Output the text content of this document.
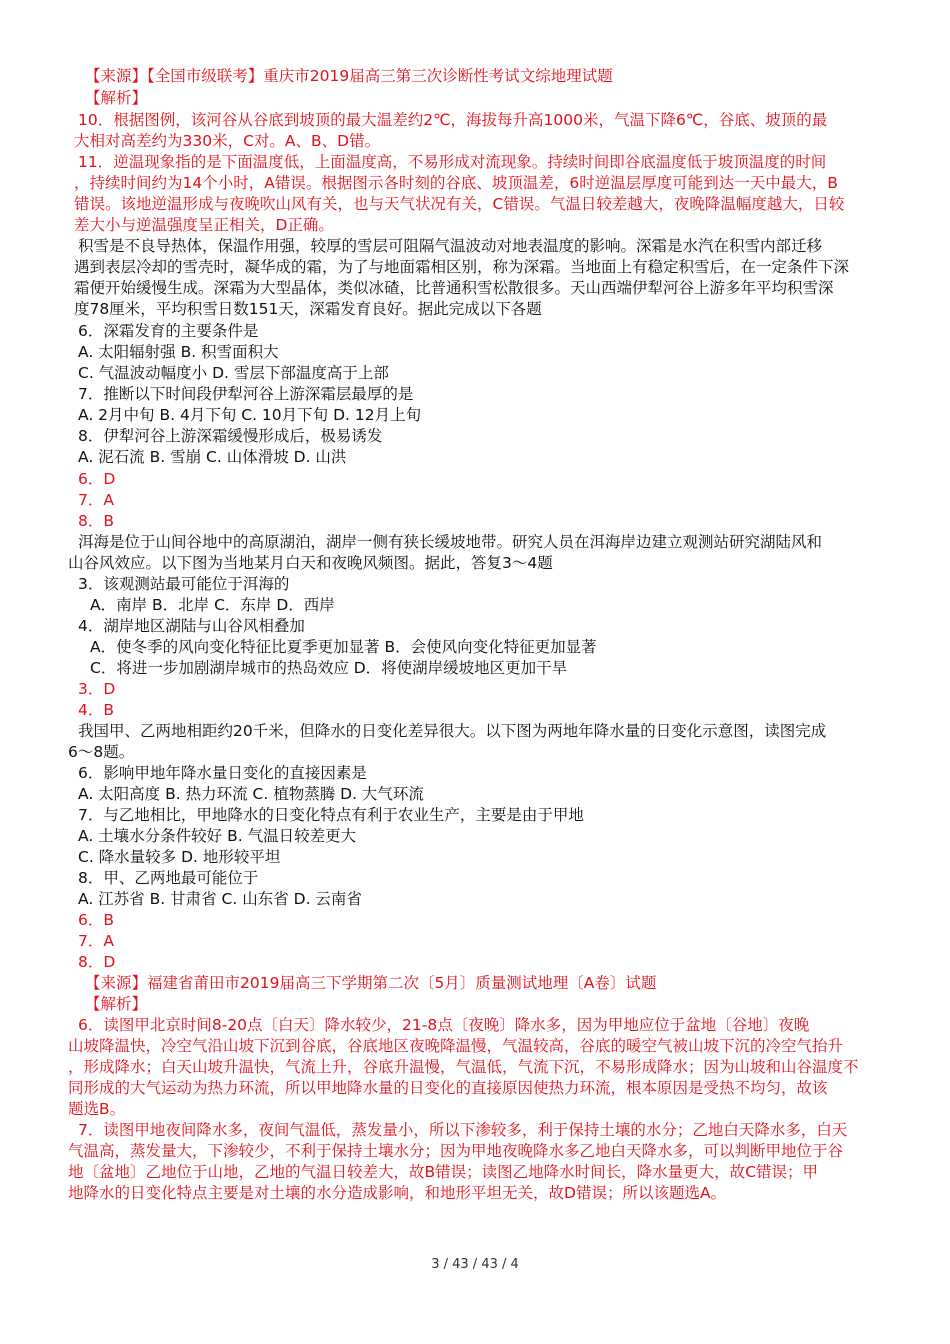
【来源】【全国市级联考】重庆市2019届高三第三次诊断性考试文综地理试题
【解析】
10．根据图例，该河谷从谷底到坡顶的最大温差约2℃，海拔每升高1000米，气温下降6℃，谷底、坡顶的最
大相对高差约为330米，C对。A、B、D错。
11．逆温现象指的是下面温度低，上面温度高，不易形成对流现象。持续时间即谷底温度低于坡顶温度的时间
，持续时间约为14个小时，A错误。根据图示各时刻的谷底、坡顶温差，6时逆温层厚度可能到达一天中最大，B
错误。该地逆温形成与夜晚吹山风有关，也与天气状况有关，C错误。气温日较差越大，夜晚降温幅度越大，日较
差大小与逆温强度呈正相关，D正确。
积雪是不良导热体，保温作用强，较厚的雪层可阻隔气温波动对地表温度的影响。深霜是水汽在积雪内部迁移
遇到表层冷却的雪壳时，凝华成的霜，为了与地面霜相区别，称为深霜。当地面上有稳定积雪后，在一定条件下深
霜便开始缓慢生成。深霜为大型晶体，类似冰碴，比普通积雪松散很多。天山西端伊犁河谷上游多年平均积雪深
度78厘米，平均积雪日数151天，深霜发育良好。据此完成以下各题
6．深霜发育的主要条件是
A. 太阳辐射强 B. 积雪面积大
C. 气温波动幅度小 D. 雪层下部温度高于上部
7．推断以下时间段伊犁河谷上游深霜层最厚的是
A. 2月中旬 B. 4月下旬 C. 10月下旬 D. 12月上旬
8．伊犁河谷上游深霜缓慢形成后，极易诱发
A. 泥石流 B. 雪崩 C. 山体滑坡 D. 山洪
6．D
7．A
8．B
洱海是位于山间谷地中的高原湖泊，湖岸一侧有狭长缓坡地带。研究人员在洱海岸边建立观测站研究湖陆风和
山谷风效应。以下图为当地某月白天和夜晚风频图。据此，答复3～4题
3．该观测站最可能位于洱海的
A．南岸 B．北岸 C．东岸 D．西岸
4．湖岸地区湖陆与山谷风相叠加
A．使冬季的风向变化特征比夏季更加显著 B．会使风向变化特征更加显著
C．将进一步加剧湖岸城市的热岛效应 D．将使湖岸缓坡地区更加干旱
3．D
4．B
我国甲、乙两地相距约20千米，但降水的日变化差异很大。以下图为两地年降水量的日变化示意图，读图完成
6～8题。
6．影响甲地年降水量日变化的直接因素是
A. 太阳高度 B. 热力环流 C. 植物蒸腾 D. 大气环流
7．与乙地相比，甲地降水的日变化特点有利于农业生产，主要是由于甲地
A. 土壤水分条件较好 B. 气温日较差更大
C. 降水量较多 D. 地形较平坦
8．甲、乙两地最可能位于
A. 江苏省 B. 甘肃省 C. 山东省 D. 云南省
6．B
7．A
8．D
【来源】福建省莆田市2019届高三下学期第二次〔5月〕质量测试地理〔A卷〕试题
【解析】
6．读图甲北京时间8-20点〔白天〕降水较少，21-8点〔夜晚〕降水多，因为甲地应位于盆地〔谷地〕夜晚
山坡降温快，冷空气沿山坡下沉到谷底，谷底地区夜晚降温慢，气温较高，谷底的暖空气被山坡下沉的冷空气抬升
，形成降水；白天山坡升温快，气流上升，谷底升温慢，气温低，气流下沉，不易形成降水；因为山坡和山谷温度不
同形成的大气运动为热力环流，所以甲地降水量的日变化的直接原因使热力环流，根本原因是受热不均匀，故该
题选B。
7．读图甲地夜间降水多，夜间气温低，蒸发量小，所以下渗较多，利于保持土壤的水分；乙地白天降水多，白天
气温高，蒸发量大，下渗较少，不利于保持土壤水分；因为甲地夜晚降水多乙地白天降水多，可以判断甲地位于谷
地〔盆地〕乙地位于山地，乙地的气温日较差大，故B错误；读图乙地降水时间长，降水量更大，故C错误；甲
地降水的日变化特点主要是对土壤的水分造成影响，和地形平坦无关，故D错误；所以该题选A。
3 / 43 / 43 / 4
